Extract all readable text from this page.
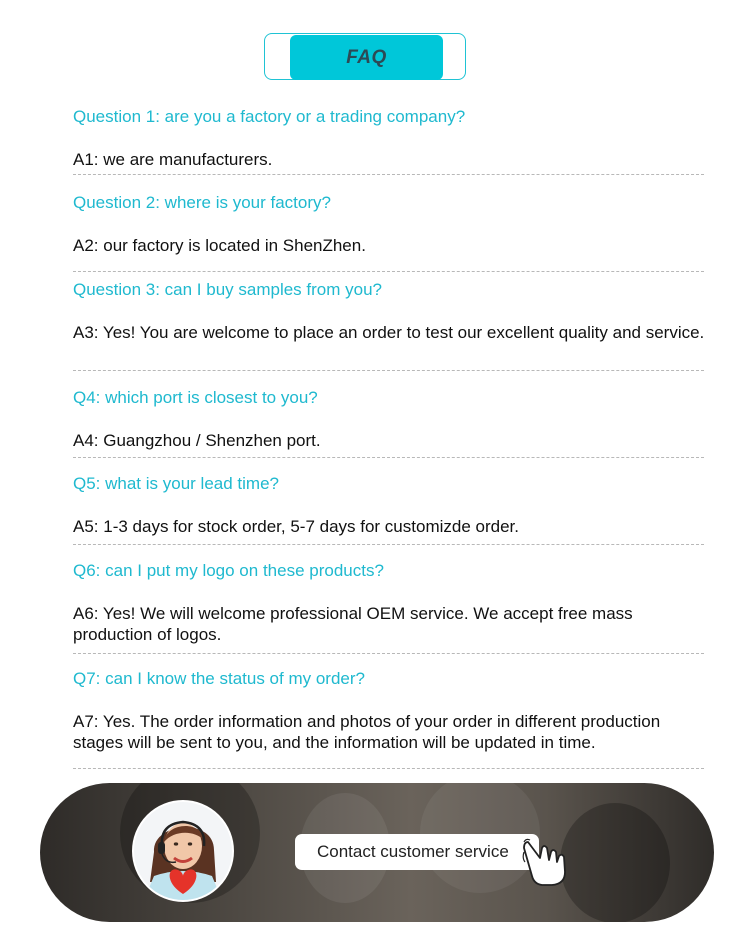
FAQ
Question 1: are you a factory or a trading company?
A1: we are manufacturers.
Question 2: where is your factory?
A2: our factory is located in ShenZhen.
Question 3: can I buy samples from you?
A3: Yes! You are welcome to place an order to test our excellent quality and service.
Q4: which port is closest to you?
A4: Guangzhou / Shenzhen port.
Q5: what is your lead time?
A5: 1-3 days for stock order, 5-7 days for customizde order.
Q6: can I put my logo on these products?
A6: Yes! We will welcome professional OEM service. We accept free mass production of logos.
Q7: can I know the status of my order?
A7: Yes. The order information and photos of your order in different production stages will be sent to you, and the information will be updated in time.
Contact customer service
